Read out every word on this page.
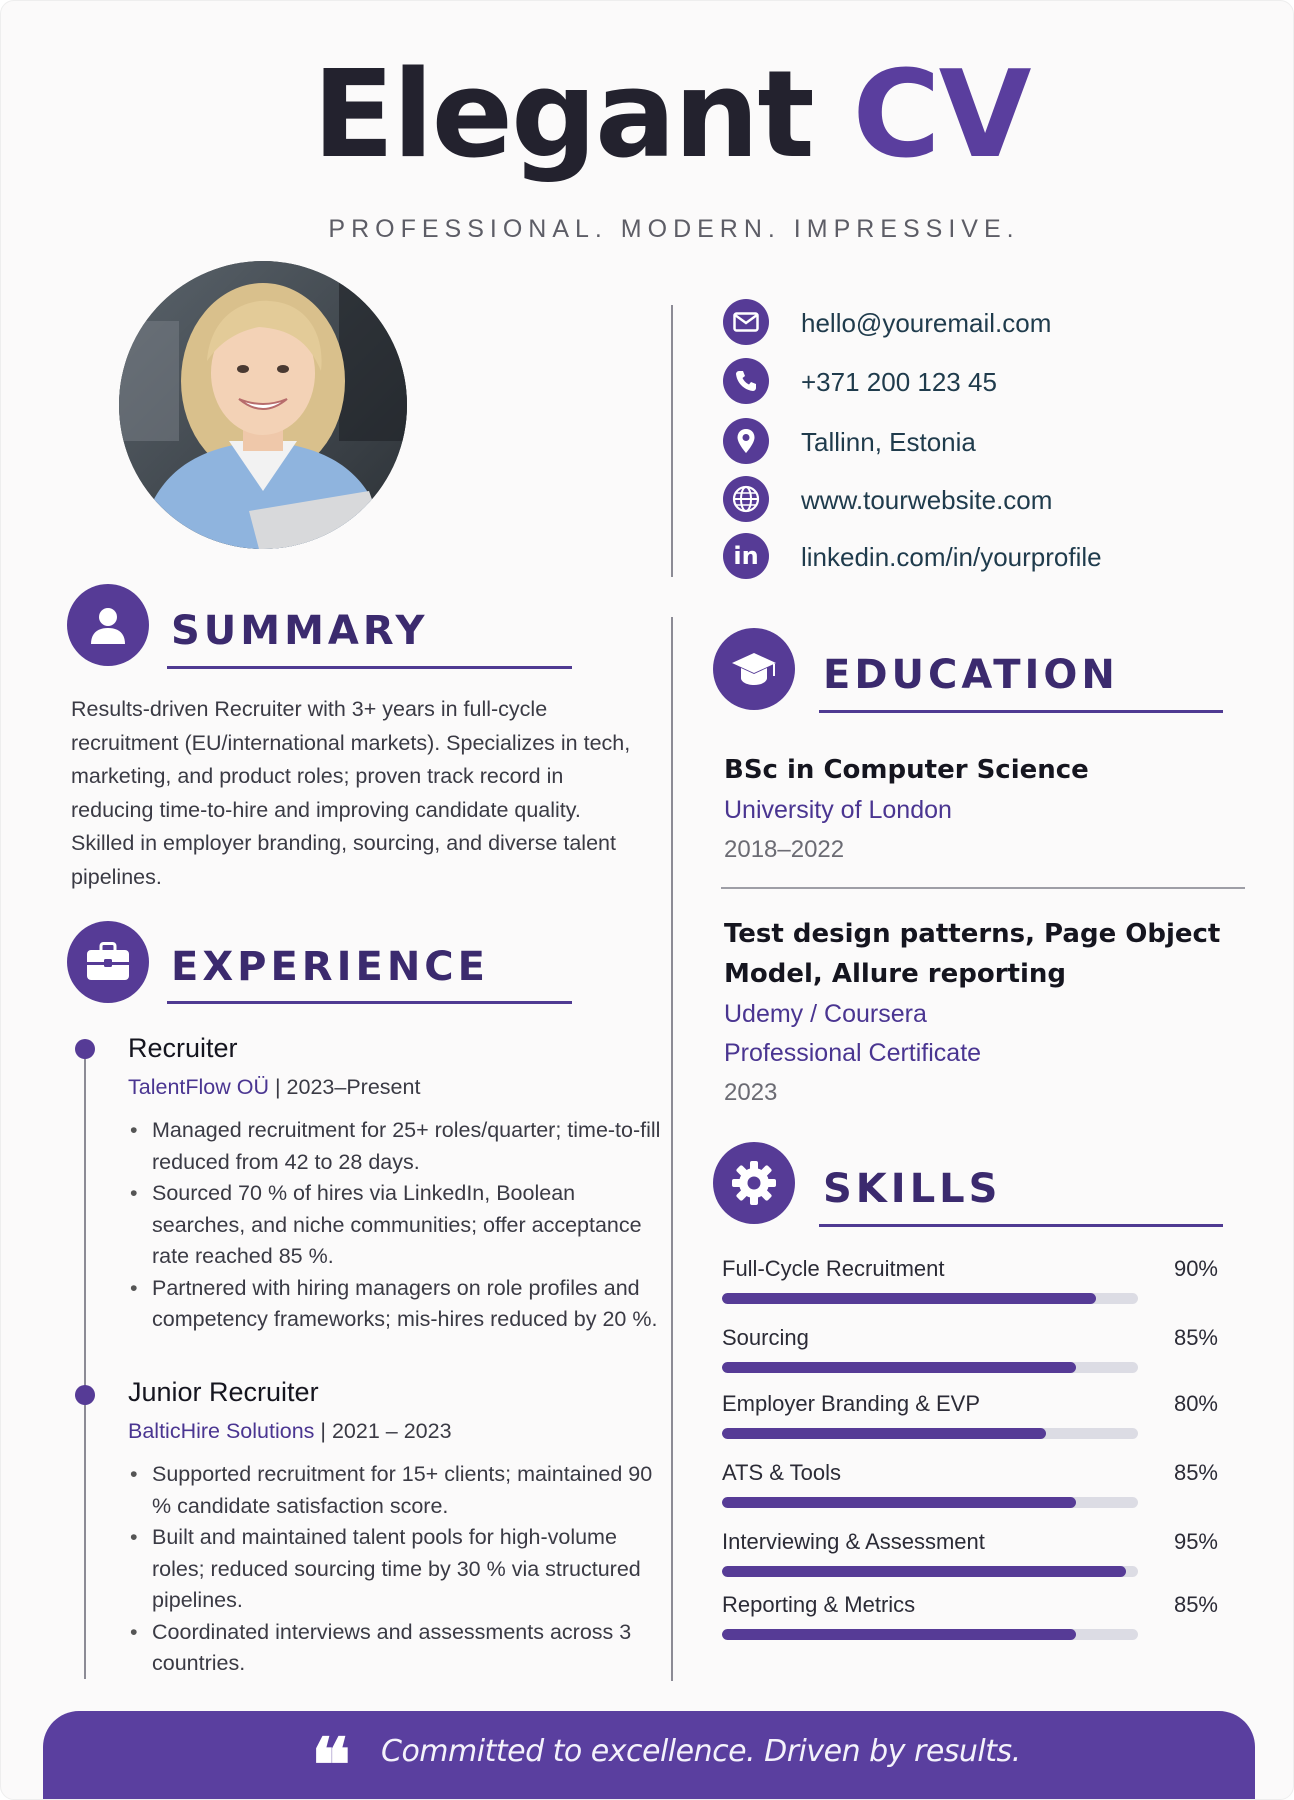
Elegant CV
PROFESSIONAL. MODERN. IMPRESSIVE.
hello@youremail.com
+371 200 123 45
Tallinn, Estonia
www.tourwebsite.com
in linkedin.com/in/yourprofile
SUMMARY
Results-driven Recruiter with 3+ years in full-cycle recruitment (EU/international markets). Specializes in tech, marketing, and product roles; proven track record in reducing time-to-hire and improving candidate quality. Skilled in employer branding, sourcing, and diverse talent pipelines.
EXPERIENCE
Recruiter
TalentFlow OÜ | 2023–Present
• Managed recruitment for 25+ roles/quarter; time-to-fill reduced from 42 to 28 days.
• Sourced 70 % of hires via LinkedIn, Boolean searches, and niche communities; offer acceptance rate reached 85 %.
• Partnered with hiring managers on role profiles and competency frameworks; mis-hires reduced by 20 %.
Junior Recruiter
BalticHire Solutions | 2021 – 2023
• Supported recruitment for 15+ clients; maintained 90 % candidate satisfaction score.
• Built and maintained talent pools for high-volume roles; reduced sourcing time by 30 % via structured pipelines.
• Coordinated interviews and assessments across 3 countries.
EDUCATION
BSc in Computer Science
University of London
2018–2022
Test design patterns, Page Object Model, Allure reporting
Udemy / Coursera
Professional Certificate
2023
SKILLS
Full-Cycle Recruitment	90%
Sourcing	85%
Employer Branding & EVP	80%
ATS & Tools	85%
Interviewing & Assessment	95%
Reporting & Metrics	85%
❝ Committed to excellence. Driven by results.
